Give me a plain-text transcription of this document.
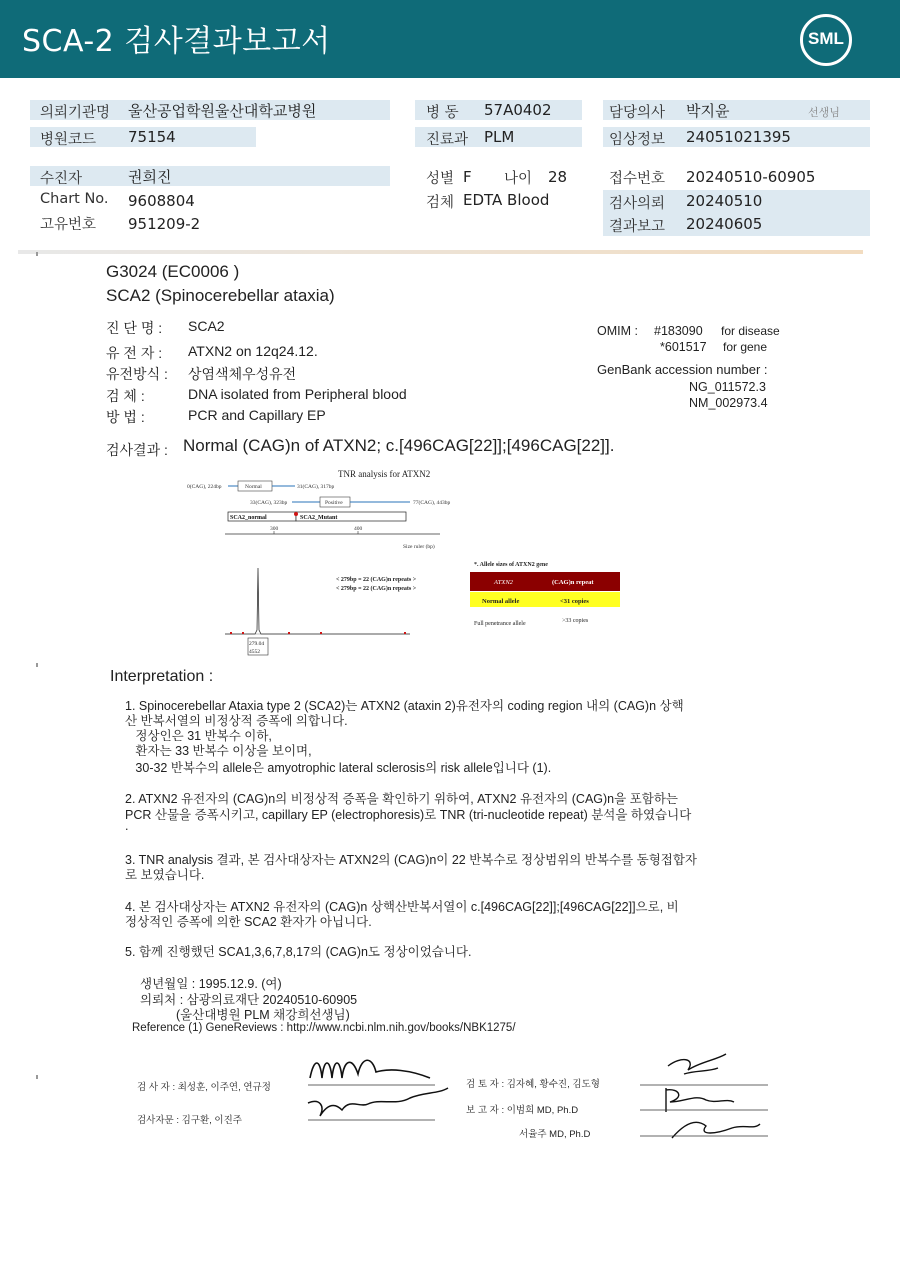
SCA-2 검사결과보고서	SML
의뢰기관명 울산공업학원울산대학교병원	병 동 57A0402	담당의사 박지윤	선생님
병원코드 75154	진료과 PLM	임상정보 24051021395
수진자	권희진	성별 F 나이 28	접수번호 20240510-60905
Chart No. 9608804	검체 EDTA Blood	검사의뢰 20240510
고유번호 951209-2	결과보고 20240605
G3024 (EC0006 )
SCA2 (Spinocerebellar ataxia)
진 단 명 : SCA2
유 전 자 : ATXN2 on 12q24.12.
유전방식 : 상염색체우성유전
검 체 :	DNA isolated from Peripheral blood
방 법 :	PCR and Capillary EP
OMIM : #183090 for disease
*601517 for gene
GenBank accession number :
NG_011572.3
NM_002973.4
검사결과 : Normal (CAG)n of ATXN2; c.[496CAG[22]];[496CAG[22]].
TNR analysis for ATXN2
0(CAG), 224bp	Normal	31(CAG), 317bp
33(CAG), 323bp	Positive	77(CAG), 443bp
SCA2_normal	SCA2_Mutant
300	400
Size ruler (bp)
< 279bp = 22 (CAG)n repeats >
< 279bp = 22 (CAG)n repeats >
279.04
4552
*. Allele sizes of ATXN2 gene
ATXN2	(CAG)n repeat
Normal allele	<31 copies
Full penetrance allele	>33 copies
Interpretation :
1. Spinocerebellar Ataxia type 2 (SCA2)는 ATXN2 (ataxin 2)유전자의 coding region 내의 (CAG)n 상핵
산 반복서열의 비정상적 증폭에 의합니다.
정상인은 31 반복수 이하,
환자는 33 반복수 이상을 보이며,
30-32 반복수의 allele은 amyotrophic lateral sclerosis의 risk allele입니다 (1).
2. ATXN2 유전자의 (CAG)n의 비정상적 증폭을 확인하기 위하여, ATXN2 유전자의 (CAG)n을 포함하는
PCR 산물을 증폭시키고, capillary EP (electrophoresis)로 TNR (tri-nucleotide repeat) 분석을 하였습니다
.
3. TNR analysis 결과, 본 검사대상자는 ATXN2의 (CAG)n이 22 반복수로 정상범위의 반복수를 동형접합자
로 보였습니다.
4. 본 검사대상자는 ATXN2 유전자의 (CAG)n 상핵산반복서열이 c.[496CAG[22]];[496CAG[22]]으로, 비
정상적인 증폭에 의한 SCA2 환자가 아닙니다.
5. 함께 진행했던 SCA1,3,6,7,8,17의 (CAG)n도 정상이었습니다.
생년월일 : 1995.12.9. (여)
의뢰처 : 삼광의료재단 20240510-60905
(울산대병원 PLM 채강희선생님)
Reference (1) GeneReviews : http://www.ncbi.nlm.nih.gov/books/NBK1275/
검 사 자 : 최성훈, 이주연, 연규정
검사자문 : 김구환, 이진주
검 토 자 : 김자혜, 황수진, 김도형
보 고 자 : 이범희 MD, Ph.D
서율주 MD, Ph.D
